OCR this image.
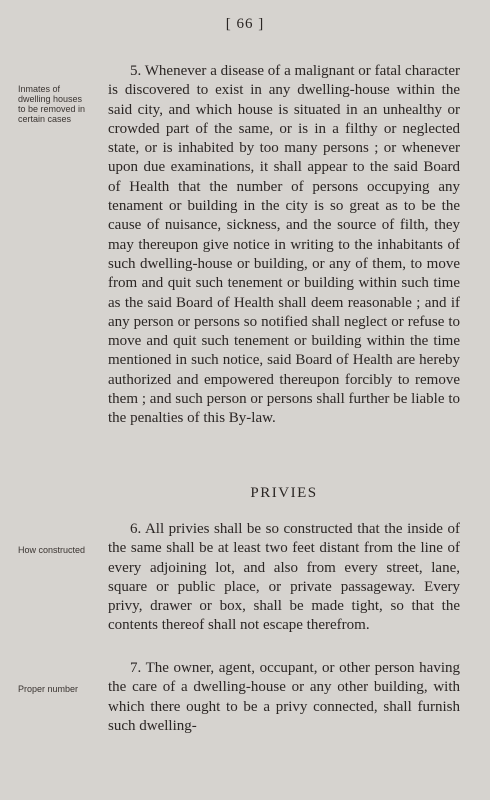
[ 66 ]
Inmates of dwelling houses to be removed in certain cases
5. Whenever a disease of a malignant or fatal character is discovered to exist in any dwelling-house within the said city, and which house is situated in an unhealthy or crowded part of the same, or is in a filthy or neglected state, or is inhabited by too many persons ; or whenever upon due examinations, it shall appear to the said Board of Health that the number of persons occupying any tenament or building in the city is so great as to be the cause of nuisance, sickness, and the source of filth, they may thereupon give notice in writing to the inhabitants of such dwelling-house or building, or any of them, to move from and quit such tenement or building within such time as the said Board of Health shall deem reasonable ; and if any person or persons so notified shall neglect or refuse to move and quit such tenement or building within the time mentioned in such notice, said Board of Health are hereby authorized and empowered thereupon forcibly to remove them ; and such person or persons shall further be liable to the penalties of this By-law.
PRIVIES
How constructed
6. All privies shall be so constructed that the inside of the same shall be at least two feet distant from the line of every adjoining lot, and also from every street, lane, square or public place, or private passageway. Every privy, drawer or box, shall be made tight, so that the contents thereof shall not escape therefrom.
Proper number
7. The owner, agent, occupant, or other person having the care of a dwelling-house or any other building, with which there ought to be a privy connected, shall furnish such dwelling-
